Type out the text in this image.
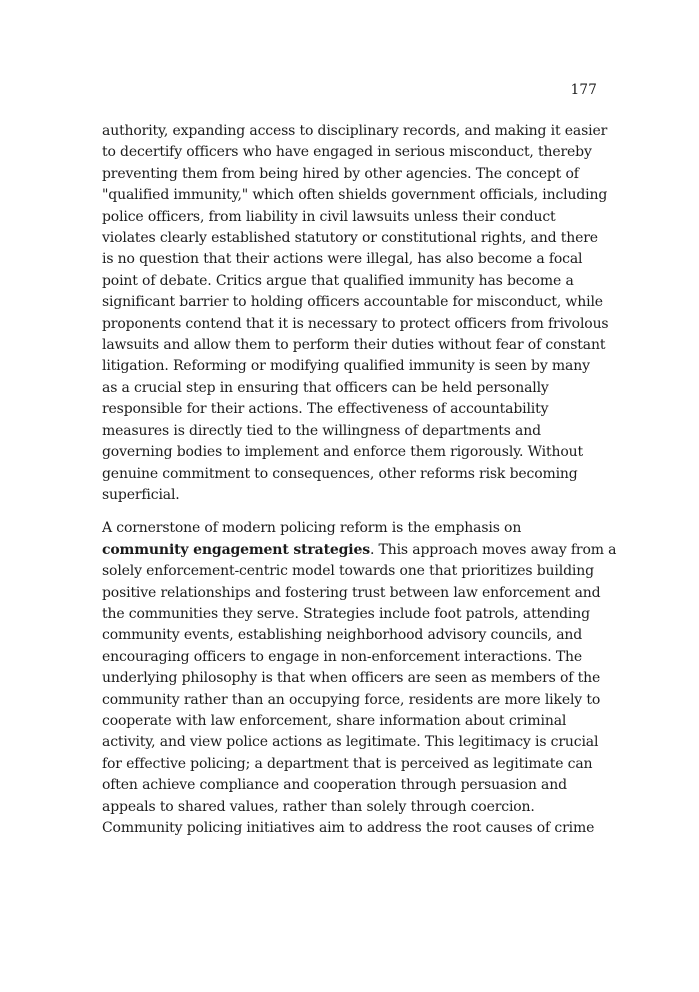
177

authority, expanding access to disciplinary records, and making it easier
to decertify officers who have engaged in serious misconduct, thereby
preventing them from being hired by other agencies. The concept of
"qualified immunity," which often shields government officials, including
police officers, from liability in civil lawsuits unless their conduct
violates clearly established statutory or constitutional rights, and there
is no question that their actions were illegal, has also become a focal
point of debate. Critics argue that qualified immunity has become a
significant barrier to holding officers accountable for misconduct, while
proponents contend that it is necessary to protect officers from frivolous
lawsuits and allow them to perform their duties without fear of constant
litigation. Reforming or modifying qualified immunity is seen by many
as a crucial step in ensuring that officers can be held personally
responsible for their actions. The effectiveness of accountability
measures is directly tied to the willingness of departments and
governing bodies to implement and enforce them rigorously. Without
genuine commitment to consequences, other reforms risk becoming
superficial.

A cornerstone of modern policing reform is the emphasis on
community engagement strategies. This approach moves away from a
solely enforcement-centric model towards one that prioritizes building
positive relationships and fostering trust between law enforcement and
the communities they serve. Strategies include foot patrols, attending
community events, establishing neighborhood advisory councils, and
encouraging officers to engage in non-enforcement interactions. The
underlying philosophy is that when officers are seen as members of the
community rather than an occupying force, residents are more likely to
cooperate with law enforcement, share information about criminal
activity, and view police actions as legitimate. This legitimacy is crucial
for effective policing; a department that is perceived as legitimate can
often achieve compliance and cooperation through persuasion and
appeals to shared values, rather than solely through coercion.
Community policing initiatives aim to address the root causes of crime
